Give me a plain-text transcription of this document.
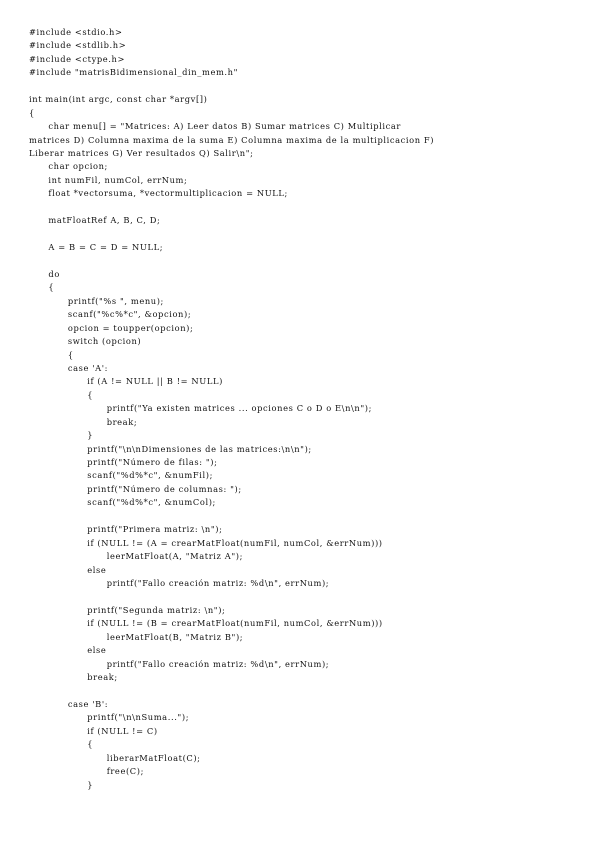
#include <stdio.h>
#include <stdlib.h>
#include <ctype.h>
#include "matrisBidimensional_din_mem.h"
int main(int argc, const char *argv[])
{
char menu[] = "Matrices: A) Leer datos B) Sumar matrices C) Multiplicar
matrices D) Columna maxima de la suma E) Columna maxima de la multiplicacion F)
Liberar matrices G) Ver resultados Q) Salir\n";
char opcion;
int numFil, numCol, errNum;
float *vectorsuma, *vectormultiplicacion = NULL;
matFloatRef A, B, C, D;
A = B = C = D = NULL;
do
{
printf("%s ", menu);
scanf("%c%*c", &opcion);
opcion = toupper(opcion);
switch (opcion)
{
case 'A':
if (A != NULL || B != NULL)
{
printf("Ya existen matrices ... opciones C o D o E\n\n");
break;
}
printf("\n\nDimensiones de las matrices:\n\n");
printf("Número de filas: ");
scanf("%d%*c", &numFil);
printf("Número de columnas: ");
scanf("%d%*c", &numCol);
printf("Primera matriz: \n");
if (NULL != (A = crearMatFloat(numFil, numCol, &errNum)))
leerMatFloat(A, "Matriz A");
else
printf("Fallo creación matriz: %d\n", errNum);
printf("Segunda matriz: \n");
if (NULL != (B = crearMatFloat(numFil, numCol, &errNum)))
leerMatFloat(B, "Matriz B");
else
printf("Fallo creación matriz: %d\n", errNum);
break;
case 'B':
printf("\n\nSuma...");
if (NULL != C)
{
liberarMatFloat(C);
free(C);
}
